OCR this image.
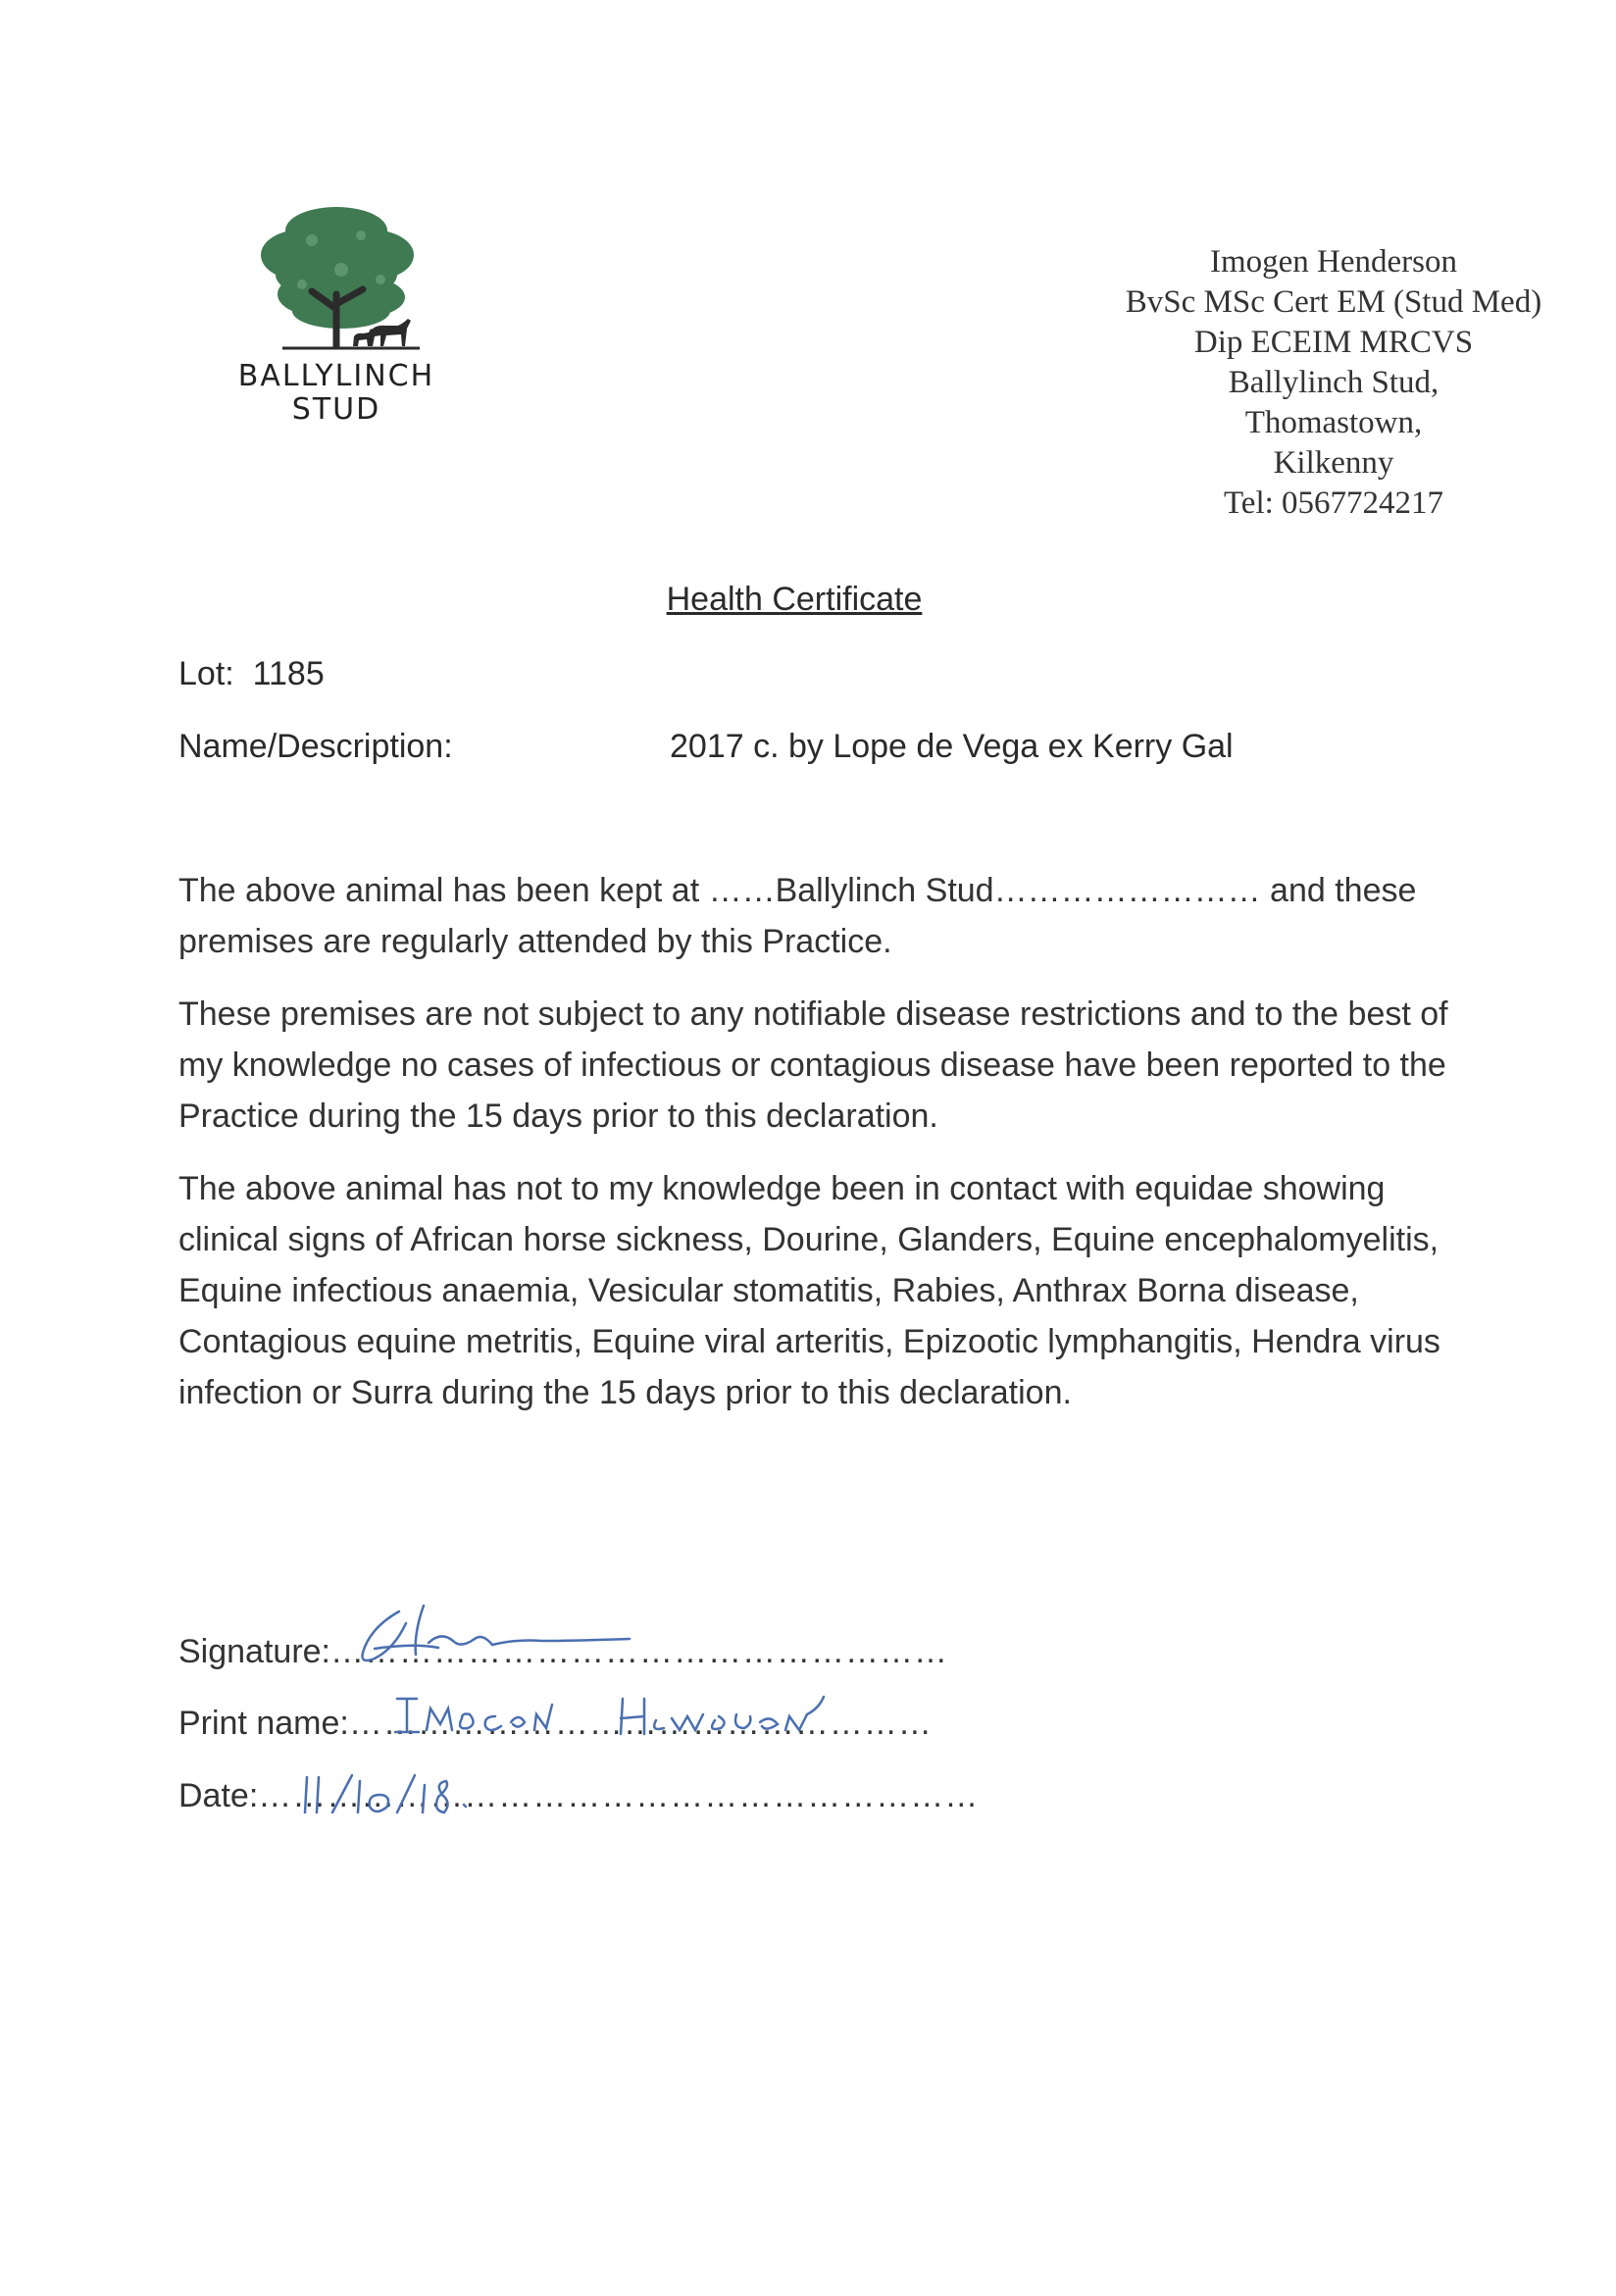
BALLYLINCH
STUD
Imogen Henderson
BvSc MSc Cert EM (Stud Med)
Dip ECEIM MRCVS
Ballylinch Stud,
Thomastown,
Kilkenny
Tel: 0567724217
Health Certificate
Lot: 1185
Name/Description:	2017 c. by Lope de Vega ex Kerry Gal
The above animal has been kept at ……Ballylinch Stud…………………… and these premises are regularly attended by this Practice.
These premises are not subject to any notifiable disease restrictions and to the best of my knowledge no cases of infectious or contagious disease have been reported to the Practice during the 15 days prior to this declaration.
The above animal has not to my knowledge been in contact with equidae showing clinical signs of African horse sickness, Dourine, Glanders, Equine encephalomyelitis, Equine infectious anaemia, Vesicular stomatitis, Rabies, Anthrax Borna disease, Contagious equine metritis, Equine viral arteritis, Epizootic lymphangitis, Hendra virus infection or Surra during the 15 days prior to this declaration.
Signature:………………………………………………
Print name:……………………………………………
Date:………………………………………………………
